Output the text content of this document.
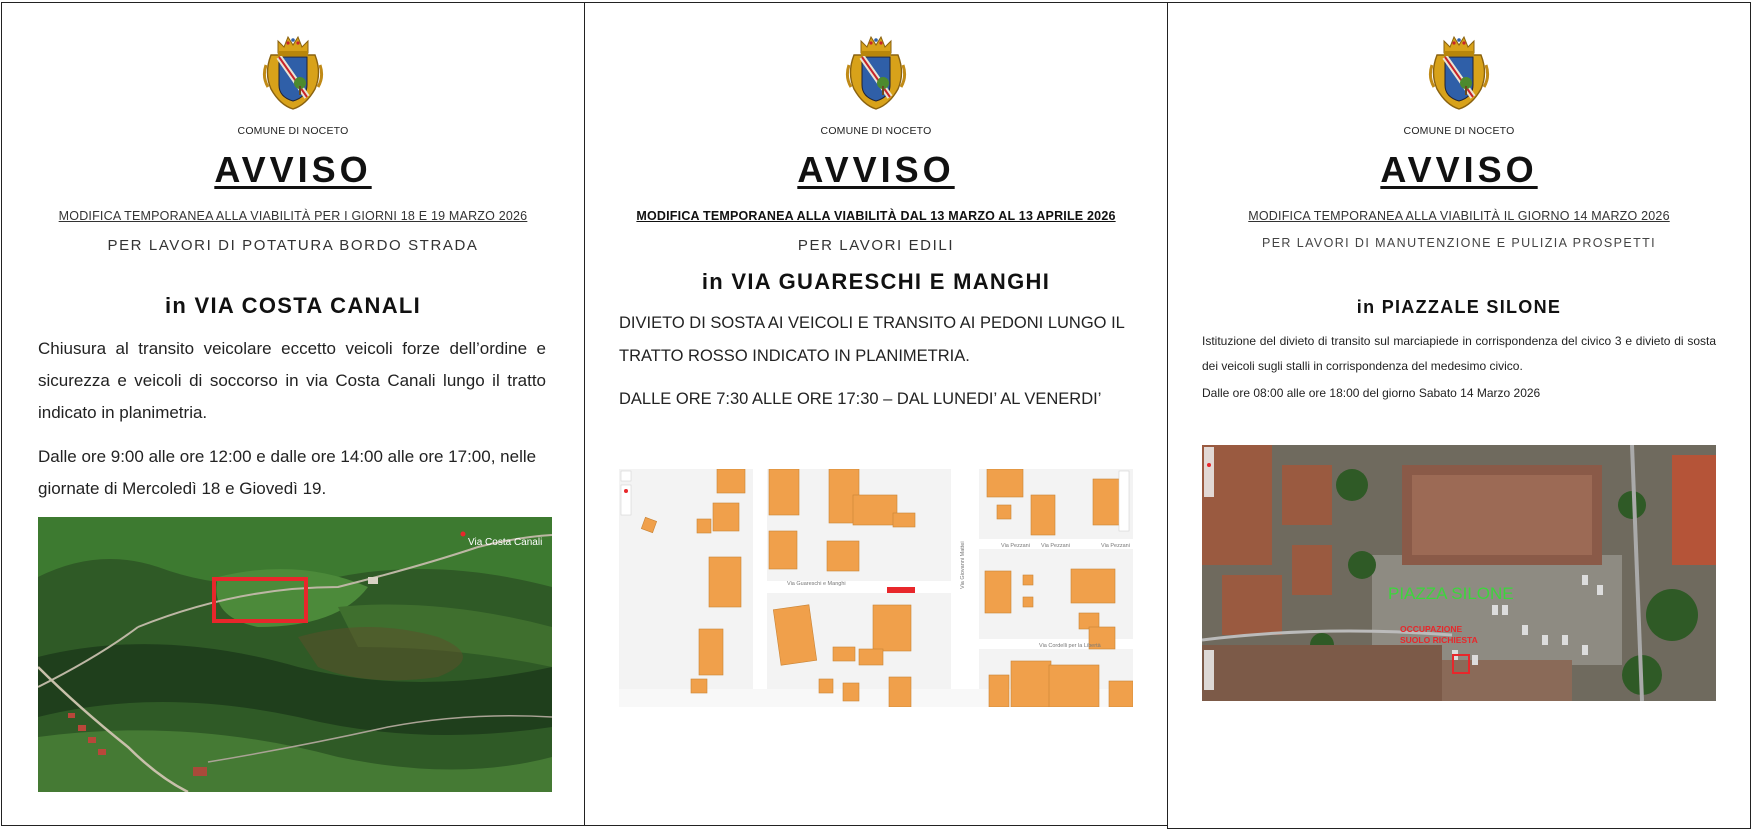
COMUNE DI NOCETO
AVVISO
MODIFICA TEMPORANEA ALLA VIABILITÀ PER I GIORNI 18 E 19 MARZO 2026
PER LAVORI DI POTATURA BORDO STRADA
in VIA COSTA CANALI
Chiusura al transito veicolare eccetto veicoli forze dell’ordine e sicurezza e veicoli di soccorso in via Costa Canali lungo il tratto indicato in planimetria.
Dalle ore 9:00 alle ore 12:00 e dalle ore 14:00 alle ore 17:00, nelle giornate di Mercoledì 18 e Giovedì 19.
Via Costa Canali
COMUNE DI NOCETO
AVVISO
MODIFICA TEMPORANEA ALLA VIABILITÀ DAL 13 MARZO AL 13 APRILE 2026
PER LAVORI EDILI
in VIA GUARESCHI E MANGHI
DIVIETO DI SOSTA AI VEICOLI E TRANSITO AI PEDONI LUNGO IL TRATTO ROSSO INDICATO IN PLANIMETRIA.
DALLE ORE 7:30 ALLE ORE 17:30 – DAL LUNEDI’ AL VENERDI’
Via Guareschi e Manghi
Via Pezzani Via Pezzani	Via Pezzani
Via Cordelli per la Libertà
Via Giovanni Mattei
COMUNE DI NOCETO
AVVISO
MODIFICA TEMPORANEA ALLA VIABILITÀ IL GIORNO 14 MARZO 2026
PER LAVORI DI MANUTENZIONE E PULIZIA PROSPETTI
in PIAZZALE SILONE
Istituzione del divieto di transito sul marciapiede in corrispondenza del civico 3 e divieto di sosta dei veicoli sugli stalli in corrispondenza del medesimo civico.
Dalle ore 08:00 alle ore 18:00 del giorno Sabato 14 Marzo 2026
PIAZZA SILONE
OCCUPAZIONE
SUOLO RICHIESTA
